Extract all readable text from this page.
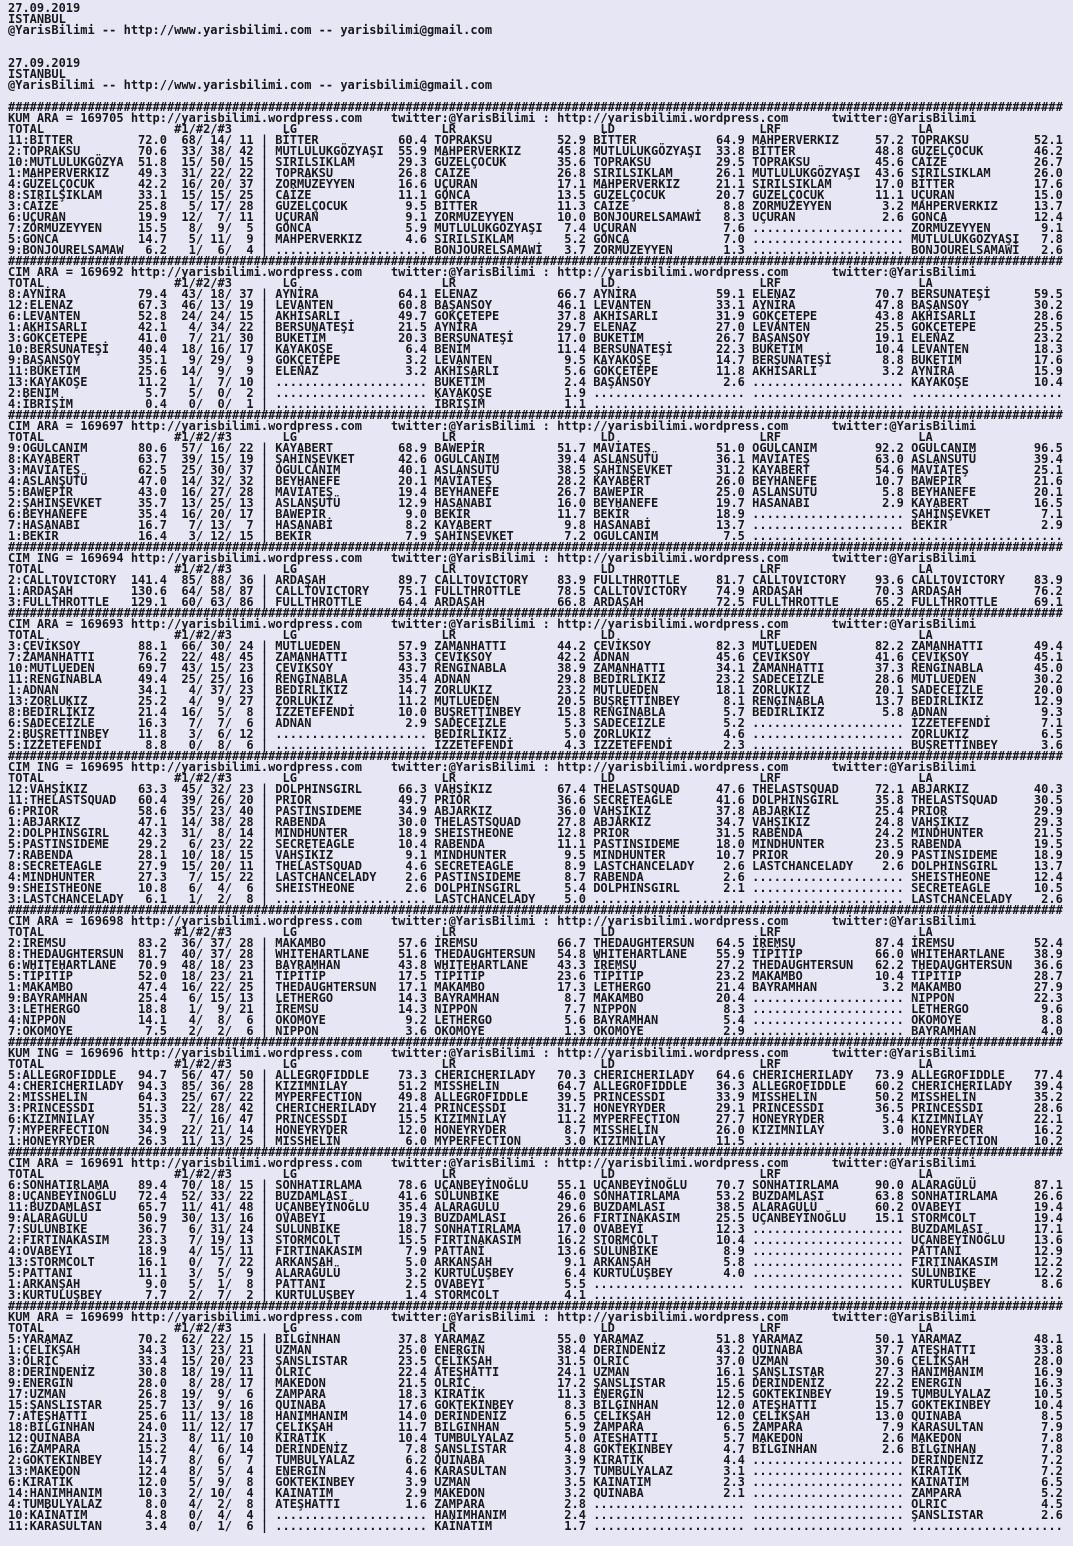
27.09.2019
ISTANBUL
@YarisBilimi -- http://www.yarisbilimi.com -- yarisbilimi@gmail.com
27.09.2019
ISTANBUL
@YarisBilimi -- http://www.yarisbilimi.com -- yarisbilimi@gmail.com
##################################################################################################################################################
KUM ARA = 169705 http://yarisbilimi.wordpress.com    twitter:@YarisBilimi : http://yarisbilimi.wordpress.com      twitter:@YarisBilimi
TOTAL                  #1/#2/#3       LG                    LR                    LD                    LRF                   LA
11:BITTER         72.0  68/ 14/ 11 | BİTTER           60.4 TOPRAKSU         52.9 BİTTER           64.9 MAHPERVERKIZ     57.2 TOPRAKSU         52.1
2:TOPRAKSU        70.6  33/ 38/ 42 | MUTLULUKGÖZYAŞI  55.9 MAHPERVERKIZ     45.8 MUTLULUKGÖZYAŞI  33.8 BİTTER           48.8 GÜZELÇOCUK       46.2
10:MUTLULUKGÖZYA  51.8  15/ 50/ 15 | SIRILSIKLAM      29.3 GÜZELÇOCUK       35.6 TOPRAKSU         29.5 TOPRAKSU         45.6 CAİZE            26.7
1:MAHPERVERKIZ    49.3  31/ 22/ 22 | TOPRAKSU         26.8 CAIZE            26.8 SIRILSIKLAM      26.1 MUTLULUKGÖZYAŞI  43.6 SIRILSIKLAM      26.0
4:GÜZELÇOCUK      42.2  16/ 20/ 37 | ZORMÜZEYYEN      16.6 UÇURAN           17.1 MAHPERVERKIZ     21.1 SIRILSIKLAM      17.0 BİTTER           17.6
8:SIRILŞIKLAM     33.1  15/ 15/ 25 | CAİZE            11.1 GÖNCA            13.5 GÜZELÇOCUK       20.7 GÜZELÇOCUK       11.1 UÇURAN           15.0
3:CAİZE           25.8   5/ 17/ 28 | GÜZELÇOCUK        9.5 BİTTER           11.3 CAİZE             8.8 ZORMÜZEYYEN       3.2 MAHPERVERKIZ     13.7
6:UÇURAN          19.9  12/  7/ 11 | UÇURAN            9.1 ZORMÜZEYYEN      10.0 BONJOURELSAMAWİ   8.3 UÇURAN            2.6 GONCA            12.4
7:ZÖRMÜZEYYEN     15.5   8/  9/  5 | GÖNCA             5.9 MUTLULUKGÖZYAŞI   7.4 UÇURAN            7.6 ..................... ZORMÜZEYYEN       9.1
5:GONCA           14.7   5/ 11/  9 | MAHPERVERKIZ      4.6 SIRILSIKLAM       5.2 GÖNCA             7.0 ..................... MUTLULUKGÖZYAŞI   7.8
9:BONJOURELSAMAW   6.2   1/  6/  4 | ..................... BONJOURELSAMAWİ   3.7 ZORMÜZEYYEN       1.3 ..................... BONJOURELSAMAWİ   2.6
##################################################################################################################################################
CIM ARA = 169692 http://yarisbilimi.wordpress.com    twitter:@YarisBilimi : http://yarisbilimi.wordpress.com      twitter:@YarisBilimi
TOTAL                  #1/#2/#3       LG                    LR                    LD                    LRF                   LA
8:AYNİRA          79.4  43/ 18/ 37 | AYNİRA           64.1 ELENAZ           66.7 AYNİRA           59.1 ELENAZ           70.7 BERSUNATEŞİ      59.5
12:ELENAZ         67.3  46/ 13/ 19 | LEVANTEN         60.8 BAŞANSOY         46.1 LEVANTEN         33.1 AYNİRA           47.8 BAŞANSOY         30.2
6:LEVANTEN        52.8  24/ 24/ 15 | AKHİSARLI        49.7 GÖKÇETEPE        37.8 AKHİSARLI        31.9 GÖKÇETEPE        43.8 AKHİSARLI        28.6
1:AKHİSARLI       42.1   4/ 34/ 22 | BERSUNATEŞİ      21.5 AYNİRA           29.7 ELENAZ           27.0 LEVANTEN         25.5 GÖKÇETEPE        25.5
3:GÖKÇETEPE       41.0   7/ 21/ 30 | BUKETİM          20.3 BERSUNATEŞİ      17.0 BUKETİM          26.7 BAŞANSOY         19.1 ELENAZ           23.2
10:BERSUNATEŞİ    40.4  18/ 16/ 17 | KAYAKÖŞE          6.4 BENİM            11.4 BERSUNATEŞİ      22.3 BUKETİM          10.4 LEVANTEN         18.3
9:BAŞANSOY        35.1   9/ 29/  9 | GÖKÇETEPE         3.2 LEVANTEN          9.5 KAYAKÖŞE         14.7 BERSUNATEŞİ       8.8 BUKETİM          17.6
11:BUKETİM        25.6  14/  9/  9 | ELENAZ            3.2 AKHİSARLI         5.6 GÖKÇETEPE        11.8 AKHİSARLI         3.2 AYNİRA           15.9
13:KAYAKOŞE       11.2   1/  7/ 10 | ..................... BUKETİM           2.4 BAŞANSOY          2.6 ..................... KAYAKOŞE         10.4
2:BENİM            5.7   5/  0/  2 | ..................... KAYAKOŞE          1.9 ..................... ..................... .....................
4:İBRİŞİM          0.4   0/  0/  1 | ..................... İBRİŞİM           1.1 ..................... ..................... .....................
##################################################################################################################################################
CIM ARA = 169697 http://yarisbilimi.wordpress.com    twitter:@YarisBilimi : http://yarisbilimi.wordpress.com      twitter:@YarisBilimi
TOTAL                  #1/#2/#3       LG                    LR                    LD                    LRF                   LA
9:OGULCANIM       80.6  57/ 16/ 22 | KAYABERT         68.9 BAWEPİR          51.7 MAVİATEŞ         51.0 OGULCANIM        92.2 OGULCANIM        96.5
8:KAYABERT        63.7  39/ 15/ 19 | ŞAHİNŞEVKET      42.6 OGULCANIM        39.4 ASLANSÜTÜ        36.1 MAVİATEŞ         63.0 ASLANSÜTÜ        39.4
3:MAVİATEŞ        62.5  25/ 30/ 37 | OGULCANIM        40.1 ASLANSÜTÜ        38.5 ŞAHİNŞEVKET      31.2 KAYABERT         54.6 MAVİATEŞ         25.1
4:ASLANŞÜTÜ       47.0  14/ 32/ 32 | BEYHANEFE        20.1 MAVİATEŞ         28.2 KAYABERT         26.0 BEYHANEFE        10.7 BAWEPİR          21.6
5:BAWEPİR         43.0  16/ 27/ 28 | MAVİATEŞ         19.4 BEYHANEFE        26.7 BAWEPİR          25.0 ASLANSÜTÜ         5.8 BEYHANEFE        20.1
2:ŞAHİNŞEVKET     35.7  13/ 25/ 13 | ASLANSÜTÜ        12.9 HASANABI         16.0 BEYHANEFE        19.7 HASANABI          2.9 KAYABERT         16.5
6:BEYHANEFE       35.4  16/ 20/ 17 | BAWEPİR           9.0 BEKİR            11.7 BEKİR            18.9 ..................... ŞAHİNŞEVKET       7.1
7:HASANABI        16.7   7/ 13/  7 | HASANABİ          8.2 KAYABERT          9.8 HASANABİ         13.7 ..................... BEKİR             2.9
1:BEKİR           16.4   3/ 12/ 15 | BEKİR             7.9 ŞAHİNŞEVKET       7.2 OGULCANIM         7.5 ..................... .....................
##################################################################################################################################################
CIM ING = 169694 http://yarisbilimi.wordpress.com    twitter:@YarisBilimi : http://yarisbilimi.wordpress.com      twitter:@YarisBilimi
TOTAL                  #1/#2/#3       LG                    LR                    LD                    LRF                   LA
2:CALLTOVICTORY  141.4  85/ 88/ 36 | ARDAŞAH          89.7 CALLTOVICTORY    83.9 FULLTHROTTLE     81.7 CALLTOVICTORY    93.6 CALLTOVICTORY    83.9
1:ARDAŞAH        130.6  64/ 58/ 87 | CALLTOVICTORY    75.1 FULLTHROTTLE     78.5 CALLTOVICTORY    74.9 ARDAŞAH          70.3 ARDAŞAH          76.2
3:FULLTHROTTLE   129.1  60/ 63/ 86 | FULLTHROTTLE     64.4 ARDAŞAH          66.8 ARDAŞAH          72.5 FULLTHROTTLE     65.2 FULLTHROTTLE     69.1
##################################################################################################################################################
CIM ARA = 169693 http://yarisbilimi.wordpress.com    twitter:@YarisBilimi : http://yarisbilimi.wordpress.com      twitter:@YarisBilimi
TOTAL                  #1/#2/#3       LG                    LR                    LD                    LRF                   LA
3:ÇEVİKSOY        88.1  66/ 30/ 24 | MUTLUEDEN        57.9 ZAMANHATTI       44.2 ÇEVİKSOY         82.3 MUTLUEDEN        82.2 ZAMANHATTI       49.4
7:ZAMANHATTI      76.2  22/ 48/ 45 | ZAMANHATTI       53.3 ÇEVİKSOY         42.2 ADNAN            45.6 ÇEVİKSOY         41.6 ÇEVİKSOY         45.1
10:MUTLUEDEN      69.7  43/ 15/ 23 | ÇEVİKSOY         43.7 RENGİNABLA       38.9 ZAMANHATTI       34.1 ZAMANHATTI       37.3 RENGİNABLA       45.0
11:RENGİNABLA     49.4  25/ 25/ 16 | RENGİNABLA       35.4 ADNAN            29.8 BEDİRLİKIZ       23.2 SADECEİZLE       28.6 MUTLUEDEN        30.2
1:ADNAN           34.1   4/ 37/ 23 | BEDİRLİKIZ       14.7 ZORLUKIZ         23.2 MUTLUEDEN        18.1 ZORLUKIZ         20.1 SADECEİZLE       20.0
13:ZORLUKIZ       25.2   4/  9/ 27 | ZORLUKIZ         11.2 MUTLUEDEN        20.5 BÜŞRETTİNBEY      8.1 RENGİNABLA       13.7 BEDİRLİKIZ       12.9
8:BEDİRLİKIZ      21.4  16/  5/  8 | İZZETEFENDİ      10.0 BÜŞRETTİNBEY     15.8 RENGİNABLA        5.7 BEDİRLİKIZ        5.8 ADNAN             9.3
6:SADECEİZLE      16.3   7/  7/  6 | ADNAN             2.9 SADECEİZLE        5.3 SADECEİZLE        5.2 ..................... İZZETEFENDİ       7.1
2:BÜŞRETTINBEY    11.8   3/  6/ 12 | ..................... BEDİRLİKIZ        5.0 ZORLUKIZ          4.6 ..................... ZORLUKIZ          6.5
5:İZZETEFENDİ      8.8   0/  8/  6 | ..................... İZZETEFENDİ       4.3 İZZETEFENDİ       2.3 ..................... BÜŞRETTİNBEY      3.6
##################################################################################################################################################
CIM ING = 169695 http://yarisbilimi.wordpress.com    twitter:@YarisBilimi : http://yarisbilimi.wordpress.com      twitter:@YarisBilimi
TOTAL                  #1/#2/#3       LG                    LR                    LD                    LRF                   LA
12:VAHŞİKIZ       63.3  45/ 32/ 23 | DOLPHINSGIRL     66.3 VAHŞİKIZ         67.4 THELASTSQUAD     47.6 THELASTSQUAD     72.1 ABJARKIZ         40.3
11:THELASTSQUAD   60.4  39/ 26/ 20 | PRIOR            49.7 PRİOR            36.6 SECRETEAGLE      41.6 DOLPHINSGIRL     35.8 THELASTSQUAD     30.5
6:PRIOR           58.6  35/ 23/ 40 | PASTINSIDEME     34.9 ABJARKIZ         36.0 VAHŞİKIZ         37.8 ABJARKIZ         25.4 PRIOR            29.9
1:ABJARKIZ        47.1  14/ 38/ 28 | RABENDA          30.0 THELASTSQUAD     27.8 ABJARKIZ         34.7 VAHŞİKIZ         24.8 VAHŞİKIZ         29.3
2:DOLPHINSGIRL    42.3  31/  8/ 14 | MINDHUNTER       18.9 SHEISTHEONE      12.8 PRIOR            31.5 RABENDA          24.2 MINDHUNTER       21.5
5:PASTINSIDEME    29.2   6/ 23/ 22 | SECRETEAGLE      10.4 RABENDA          11.1 PASTINSIDEME     18.0 MINDHUNTER       23.5 RABENDA          19.5
7:RABENDA         28.1  10/ 18/ 15 | VAHŞİKIZ          9.1 MINDHUNTER        9.5 MINDHUNTER       10.7 PRIOR            20.9 PASTINSIDEME     18.9
8:SECRETEAGLE     27.9  15/ 20/ 11 | THELASTSQUAD      4.6 SECRETEAGLE       8.9 LASTCHANCELADY    2.6 LASTCHANCELADY    2.6 DOLPHINSGIRL     13.7
4:MINDHUNTER      27.3   7/ 15/ 22 | LASTCHANCELADY    2.6 PASTINSIDEME      8.7 RABENDA           2.6 ..................... SHEISTHEONE      12.4
9:SHEISTHEONE     10.8   6/  4/  6 | SHEISTHEONE       2.6 DOLPHINSGIRL      5.4 DOLPHINSGIRL      2.1 ..................... SECRETEAGLE      10.5
3:LASTCHANCELADY   6.1   1/  2/  8 | ..................... LASTCHANCELADY    5.0 ..................... ..................... LASTCHANCELADY    2.6
##################################################################################################################################################
CIM ARA = 169698 http://yarisbilimi.wordpress.com    twitter:@YarisBilimi : http://yarisbilimi.wordpress.com      twitter:@YarisBilimi
TOTAL                  #1/#2/#3       LG                    LR                    LD                    LRF                   LA
2:İREMSU          83.2  36/ 37/ 28 | MAKAMBO          57.6 İREMSU           66.7 THEDAUGHTERSUN   64.5 İREMSU           87.4 İREMSU           52.4
8:THEDAUGHTERSUN  81.7  40/ 37/ 28 | WHITEHARTLANE    51.6 THEDAUGHTERSUN   54.8 WHITEHARTLANE    55.9 TİPİTİP          66.0 WHITEHARTLANE    38.9
6:WHITEHARTLANE   70.9  48/ 18/ 23 | BAYRAMHAN        43.8 WHITEHARTLANE    43.3 İREMSU           27.2 THEDAUGHTERSUN   62.2 THEDAUGHTERSUN   36.6
5:TİPİTİP         52.0  18/ 23/ 21 | TİPİTİP          17.5 TİPİTİP          23.6 TİPİTİP          23.2 MAKAMBO          10.4 TİPİTİP          28.7
1:MAKAMBO         47.4  16/ 22/ 25 | THEDAUGHTERSUN   17.1 MAKAMBO          17.3 LETHERGO         21.4 BAYRAMHAN         3.2 MAKAMBO          27.9
9:BAYRAMHAN       25.4   6/ 15/ 13 | LETHERGO         14.3 BAYRAMHAN         8.7 MAKAMBO          20.4 ..................... NIPPON           22.3
3:LETHERGO        18.8   1/  9/ 21 | İREMSU           14.3 NIPPON            7.7 NIPPON            8.3 ..................... LETHERGO          9.6
4:NIPPON          14.1   4/  8/  6 | OKOMOYE           9.2 LETHERGO          5.6 BAYRAMHAN         5.4 ..................... OKOMOYE           8.8
7:OKOMOYE          7.5   2/  2/  6 | NIPPON            3.6 OKOMOYE           1.3 OKOMOYE           2.9 ..................... BAYRAMHAN         4.0
##################################################################################################################################################
KUM ING = 169696 http://yarisbilimi.wordpress.com    twitter:@YarisBilimi : http://yarisbilimi.wordpress.com      twitter:@YarisBilimi
TOTAL                  #1/#2/#3       LG                    LR                    LD                    LRF                   LA
5:ALLEGROFIDDLE   94.7  56/ 47/ 50 | ALLEGROFIDDLE    73.3 CHERICHERILADY   70.3 CHERICHERILADY   64.6 CHERICHERILADY   73.9 ALLEGROFIDDLE    77.4
4:CHERICHERILADY  94.3  85/ 36/ 28 | KIZIMNİLAY       51.2 MISSHELİN        64.7 ALLEGROFIDDLE    36.3 ALLEGROFIDDLE    60.2 CHERICHERILADY   39.4
2:MISSHELİN       64.3  25/ 67/ 22 | MYPERFECTION     49.8 ALLEGROFIDDLE    39.5 PRINCESSDI       33.9 MISSHELİN        50.2 MISSHELİN        35.2
3:PRINCESSDI      51.3  22/ 28/ 42 | CHERICHERILADY   21.4 PRINCESSDI       31.7 HONEYRYDER       29.1 PRINCESSDI       36.5 PRINCESSDI       28.6
6:KIZIMNİLAY      35.3   7/ 16/ 47 | PRINCESSDI       15.5 KIZIMNİLAY       11.2 MYPERFECTION     27.7 HONEYRYDER        5.4 KIZIMNİLAY       22.1
7:MYPERFECTION    34.9  22/ 21/ 14 | HONEYRYDER       12.0 HONEYRYDER        8.7 MISSHELİN        26.0 KIZIMNİLAY        3.0 HONEYRYDER       16.2
1:HONEYRYDER      26.3  11/ 13/ 25 | MISSHELİN         6.0 MYPERFECTION      3.0 KIZIMNİLAY       11.5 ..................... MYPERFECTION     10.2
##################################################################################################################################################
CIM ARA = 169691 http://yarisbilimi.wordpress.com    twitter:@YarisBilimi : http://yarisbilimi.wordpress.com      twitter:@YarisBilimi
TOTAL                  #1/#2/#3       LG                    LR                    LD                    LRF                   LA
6:SONHATIRLAMA    89.4  70/ 18/ 15 | SONHATIRLAMA     78.6 UÇANBEYİNOĞLU    55.1 UÇANBEYİNOĞLU    70.7 SONHATIRLAMA     90.0 ALARAGÜLÜ        87.1
8:UÇANBEYİNOĞLU   72.4  52/ 33/ 22 | BUZDAMLASI       41.6 SÜLÜNBİKE        46.0 SONHATIRLAMA     53.2 BUZDAMLASI       63.8 SONHATIRLAMA     26.6
11:BUZDAMLASI     65.7  11/ 41/ 48 | UÇANBEYİNOĞLU    35.4 ALARAGÜLÜ        29.6 BUZDAMLASI       38.5 ALARAGÜLÜ        60.2 OVABEYI          19.4
9:ALARAGÜLÜ       50.9  30/ 13/ 16 | OVABEYİ          19.3 BUZDAMLASI       26.6 FIRTINAKASIM     25.5 UÇANBEYİNOĞLU    15.1 STORMCOLT        19.4
7:SÜLÜNBIKE       36.7   6/ 31/ 24 | SÜLÜNBIKE        18.7 SONHATIRLAMA     17.0 OVABEYİ          12.3 ..................... BUZDAMLASI       17.1
2:FIRTINAKASIM    23.3   7/ 19/ 13 | STORMCOLT        15.5 FIRTINAKASIM     16.2 STORMÇOLT        10.4 ..................... UÇANBEYİNOĞLU    13.6
4:OVABEYI         18.9   4/ 15/ 11 | FIRTINAKASIM      7.9 PATTANİ          13.6 SÜLÜNBIKE         8.9 ..................... PATTANİ          12.9
13:STORMCOLT      16.1   0/  7/ 22 | ARKANŞAH          5.0 ARKANŞAH          9.1 ARKANŞAH          5.8 ..................... FIRTINAKASIM     12.2
5:PATTANI         11.1   3/  5/  9 | ALARAGÜLÜ         3.2 KURTULUŞBEY       6.4 KURTULUŞBEY       4.0 ..................... SÜLÜNBIKE        12.2
1:ARKANŞAH         9.0   5/  1/  8 | PATTANI           2.5 OVABEYI           5.5 ..................... ..................... KURTULUŞBEY       8.6
3:KURTULUŞBEY      7.7   2/  7/  2 | KURTULUŞBEY       1.4 STORMCOLT         4.1 ..................... ..................... .....................
##################################################################################################################################################
KUM ARA = 169699 http://yarisbilimi.wordpress.com    twitter:@YarisBilimi : http://yarisbilimi.wordpress.com      twitter:@YarisBilimi
TOTAL                  #1/#2/#3       LG                    LR                    LD                    LRF                   LA
5:YARAMAZ         70.2  62/ 22/ 15 | BİLGİNHAN        37.8 YARAMAZ          55.0 YARAMAZ          51.8 YARAMAZ          50.1 YARAMAZ          48.1
1:ÇELİKŞAH        34.3  13/ 23/ 21 | UZMAN            25.0 ENERGİN          38.4 DERİNDENİZ       43.2 QUINABA          37.7 ATEŞHATTI        33.8
3:OLRIC           33.4  15/ 20/ 23 | ŞANSLISTAR       23.5 ÇELİKŞAH         31.5 OLRIC            37.0 UZMAN            30.6 ÇELİKŞAH         28.0
8:DERİNDENİZ      30.8  18/ 19/ 11 | OLRIC            22.4 ATEŞHATTI        24.1 UZMAN            16.1 ŞANSLISTAR       27.3 HANIMHANIM       16.9
9:ENERGİN         28.0   8/ 28/ 17 | MAKEDON          21.5 OLRIC            17.2 ŞANSLISTAR       15.6 DERİNDENİZ       22.2 ENERGİN          16.3
17:UZMAN          26.8  19/  9/  6 | ZAMPARA          18.3 KIRATİK          11.3 ENERGİN          12.5 GÖKTEKINBEY      19.5 TUMBULYALAZ      10.5
15:ŞANSLISTAR     25.7  13/  9/ 16 | QUINABA          17.6 GOKTEKINBEY       8.3 BİLGİNHAN        12.0 ATEŞHATTI        15.7 GÖKTEKINBEY      10.4
7:ATEŞHATTI       25.6  11/ 13/ 18 | HANIMHANIM       14.0 DERİNDENİZ        6.5 ÇELİKŞAH         12.0 ÇELİKŞAH         13.0 QUINABA           8.5
18:BİLGİNHAN      24.0  11/ 12/ 17 | ÇELİKŞAH         11.7 BILGINHAN         5.9 ZAMPARA           6.5 ZAMPARA           7.9 KARASULTAN        7.9
12:QUINABA        21.3   8/ 11/ 10 | KIRATİK          10.4 TUMBULYALAZ       5.0 ATEŞHATTI         5.7 MAKEDON           2.6 MAKEDON           7.8
16:ZAMPARA        15.2   4/  6/ 14 | DERİNDENİZ        7.8 ŞANSLISTAR        4.8 GÖKTEKINBEY       4.7 BİLGİNHAN         2.6 BİLGİNHAN         7.8
2:GOKTEKINBEY     14.7   8/  6/  7 | TUMBULYALAZ       6.2 QUINABA           3.9 KIRATİK           4.4 ..................... DERİNDENİZ        7.2
13:MAKEDON        12.4   8/  5/  4 | ENERGİN           4.6 KARASULTAN        3.7 TUMBULYALAZ       3.1 ..................... KIRATİK           7.2
6:KIRATİK         12.0   5/  9/  8 | GÖKTEKINBEY       3.9 UZMAN             3.5 KAINATIM          2.3 ..................... KAINATIM          6.5
14:HANIMHANIM     10.3   2/ 10/  4 | KAINATIM          2.9 MAKEDON           3.2 QUINABA           2.1 ..................... ZAMPARA           5.2
4:TUMBULYALAZ      8.0   4/  2/  8 | ATEŞHATTI         1.6 ZAMPARA           2.8 ..................... ..................... OLRIC             4.5
10:KAİNATIM        4.8   0/  4/  4 | ..................... HANIMHANIM        2.4 ..................... ..................... ŞANSLISTAR        2.6
11:KARASULTAN      3.4   0/  1/  6 | ..................... KAİNATIM          1.7 ..................... ..................... .....................
